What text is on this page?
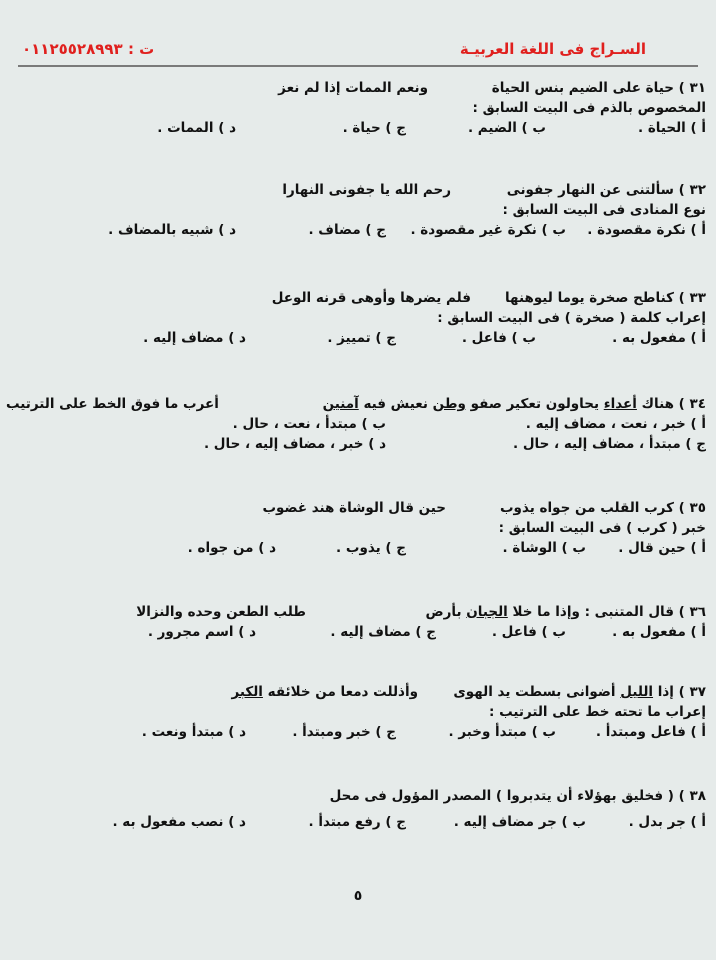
السـراج فى اللغة العربيـة
ت : ٠١١٢٥٥٢٨٩٩٣
٣١ ) حياة على الضيم بنس الحياة
ونعم الممات إذا لم نعز
المخصوص بالذم فى البيت السابق :
أ ) الحياة .
ب ) الضيم .
ج ) حياة .
د ) الممات .
٣٢ ) سألتنى عن النهار جفونى
رحم الله يا جفونى النهارا
نوع المنادى فى البيت السابق :
أ ) نكرة مقصودة .
ب ) نكرة غير مقصودة .
ج ) مضاف .
د ) شبيه بالمضاف .
٣٣ ) كناطح صخرة يوما ليوهنها
فلم يضرها وأوهى قرنه الوعل
إعراب كلمة ( صخرة ) فى البيت السابق :
أ ) مفعول به .
ب ) فاعل .
ج ) تمييز .
د ) مضاف إليه .
٣٤ ) هناك أعداء يحاولون تعكير صفو وطن نعيش فيه آمنين
أعرب ما فوق الخط على الترتيب
أ ) خبر ، نعت ، مضاف إليه .
ب ) مبتدأ ، نعت ، حال .
ج ) مبتدأ ، مضاف إليه ، حال .
د ) خبر ، مضاف إليه ، حال .
٣٥ ) كرب القلب من جواه يذوب
حين قال الوشاة هند غضوب
خبر ( كرب ) فى البيت السابق :
أ ) حين قال .
ب ) الوشاة .
ج ) يذوب .
د ) من جواه .
٣٦ ) قال المتنبى : وإذا ما خلا الجبان بأرض
طلب الطعن وحده والنزالا
أ ) مفعول به .
ب ) فاعل .
ج ) مضاف إليه .
د ) اسم مجرور .
٣٧ ) إذا الليل أضوانى بسطت يد الهوى
وأذللت دمعا من خلائقه الكبر
إعراب ما تحته خط على الترتيب :
أ ) فاعل ومبتدأ .
ب ) مبتدأ وخبر .
ج ) خبر ومبتدأ .
د ) مبتدأ ونعت .
٣٨ ) ( فخليق بهؤلاء أن يتدبروا ) المصدر المؤول فى محل
أ ) جر بدل .
ب ) جر مضاف إليه .
ج ) رفع مبتدأ .
د ) نصب مفعول به .
٥
